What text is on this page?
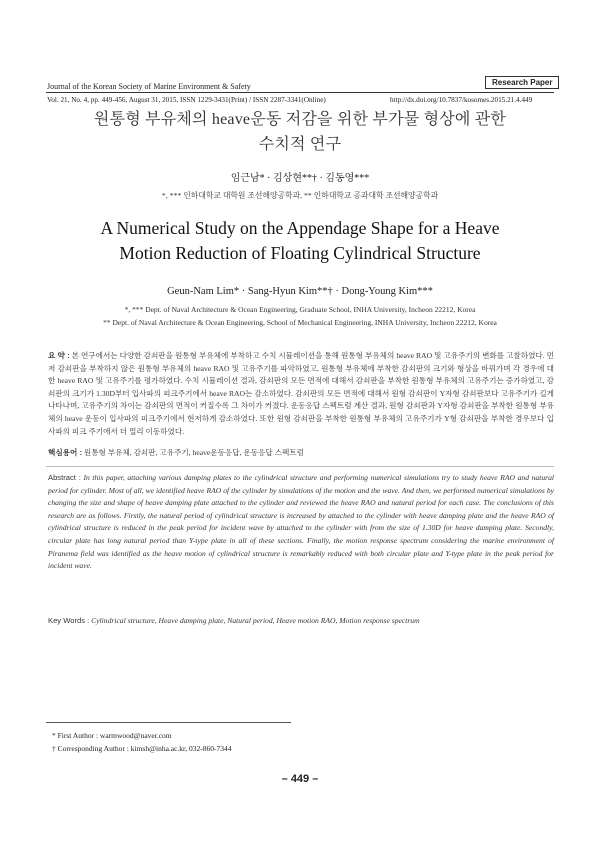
Journal of the Korean Society of Marine Environment & Safety	Research Paper
Vol. 21, No. 4, pp. 449-456, August 31, 2015, ISSN 1229-3431(Print) / ISSN 2287-3341(Online)	http://dx.doi.org/10.7837/kosomes.2015.21.4.449
원통형 부유체의 heave운동 저감을 위한 부가물 형상에 관한
수치적 연구
임근남* · 김상현**† · 김동영***
*, *** 인하대학교 대학원 조선해양공학과, ** 인하대학교 공과대학 조선해양공학과
A Numerical Study on the Appendage Shape for a Heave
Motion Reduction of Floating Cylindrical Structure
Geun-Nam Lim* · Sang-Hyun Kim**† · Dong-Young Kim***
*, *** Dept. of Naval Architecture & Ocean Engineering, Graduate School, INHA University, Incheon 22212, Korea
** Dept. of Naval Architecture & Ocean Engineering, School of Mechanical Engineering, INHA University, Incheon 22212, Korea
요 약 : 본 연구에서는 다양한 감쇠판을 원통형 부유체에 부착하고 수치 시뮬레이션을 통해 원통형 부유체의 heave RAO 및 고유주기의 변화를 고찰하였다. 먼저 감쇠판을 부착하지 않은 원통형 부유체의 heave RAO 및 고유주기를 파악하였고, 원통형 부유체에 부착한 감쇠판의 크기와 형상을 바꿔가며 각 경우에 대한 heave RAO 및 고유주기를 평가하였다. 수치 시뮬레이션 결과, 감쇠판의 모든 면적에 대해서 감쇠판을 부착한 원통형 부유체의 고유주기는 증가하였고, 감쇠판의 크기가 1.30D부터 입사파의 피크주기에서 heave RAO는 감소하였다. 감쇠판의 모든 면적에 대해서 원형 감쇠판이 Y자형 감쇠판보다 고유주기가 길게 나타나며, 고유주기의 차이는 감쇠판의 면적이 커질수록 그 차이가 커졌다. 운동응답 스펙트럼 계산 결과, 원형 감쇠판과 Y자형 감쇠판을 부착한 원통형 부유체의 heave 운동이 입사파의 피크주기에서 현저하게 감소하였다. 또한 원형 감쇠판을 부착한 원통형 부유체의 고유주기가 Y형 감쇠판을 부착한 경우보다 입사파의 피크 주기에서 더 멀리 이동하였다.
핵심용어 : 원통형 부유체, 감쇠판, 고유주기, heave운동응답, 운동응답 스펙트럼
Abstract : In this paper, attaching various damping plates to the cylindrical structure and performing numerical simulations try to study heave RAO and natural period for cylinder. Most of all, we identified heave RAO of the cylinder by simulations of the motion and the wave. And then, we performed numerical simulations by changing the size and shape of heave damping plate attached to the cylinder and reviewed the heave RAO and natural period for each case. The conclusions of this research are as follows. Firstly, the natural period of cylindrical structure is increased by attached to the cylinder with heave damping plate and the heave RAO of cylindrical structure is reduced in the peak period for incident wave by attached to the cylinder with from the size of 1.30D for heave damping plate. Secondly, circular plate has long natural period than Y-type plate in all of these sections. Finally, the motion response spectrum considering the marine environment of Piranema field was identified as the heave motion of cylindrical structure is remarkably reduced with both circular plate and Y-type plate in the peak period for incident wave.
Key Words : Cylindrical structure, Heave damping plate, Natural period, Heave motion RAO, Motion response spectrum
* First Author : warmwood@naver.com
† Corresponding Author : kimsh@inha.ac.kr, 032-860-7344
– 449 –
